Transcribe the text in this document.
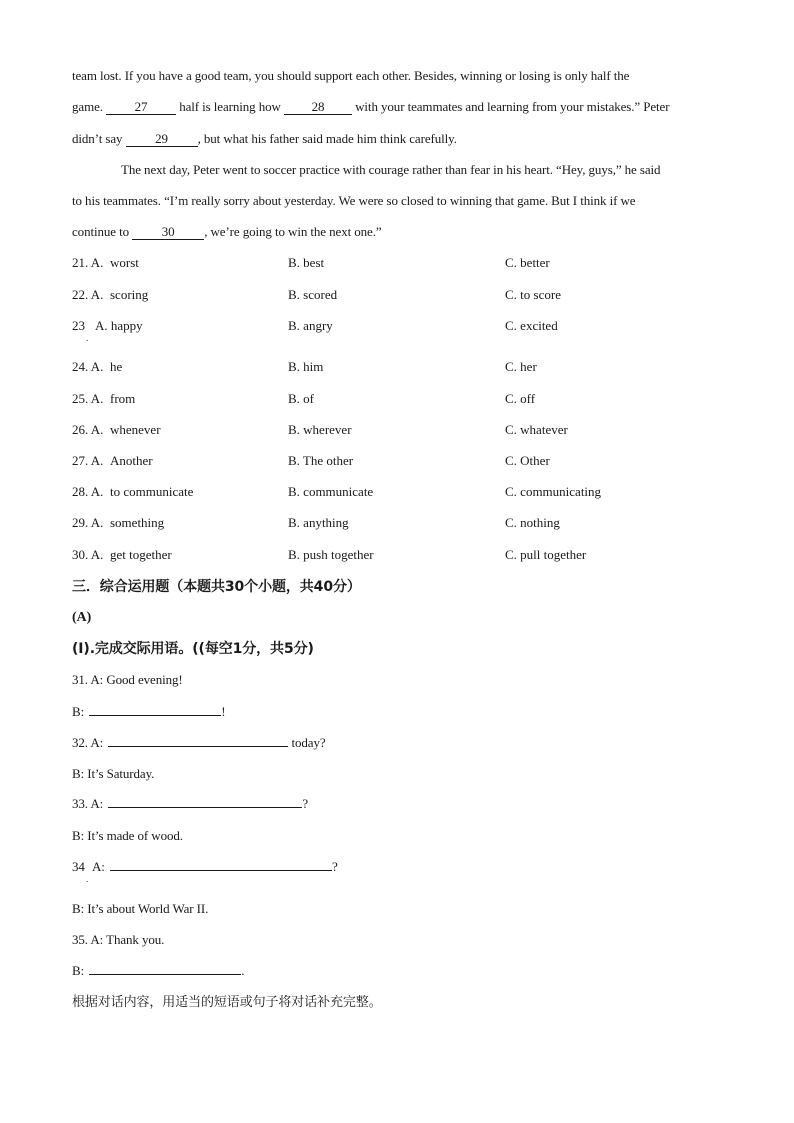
team lost. If you have a good team, you should support each other. Besides, winning or losing is only half the
game. 27 half is learning how 28 with your teammates and learning from your mistakes.” Peter
didn’t say 29 , but what his father said made him think carefully.
The next day, Peter went to soccer practice with courage rather than fear in his heart. “Hey, guys,” he said
to his teammates. “I’m really sorry about yesterday. We were so closed to winning that game. But I think if we
continue to 30 , we’re going to win the next one.”
21. A. worst	B. best	C. better
22. A. scoring	B. scored	C. to score
23
.
A. happy	B. angry	C. excited
24. A. he	B. him	C. her
25. A. from	B. of	C. off
26. A. whenever	B. wherever	C. whatever
27. A. Another	B. The other	C. Other
28. A. to communicate	B. communicate	C. communicating
29. A. something	B. anything	C. nothing
30. A. get together	B. push together	C. pull together
三．综合运用题（本题共30个小题，共40分）
(A)
(I).完成交际用语。((每空1分，共5分)
31. A: Good evening!
B:	!
32. A:	today?
B: It’s Saturday.
33. A:	?
B: It’s made of wood.
34 A:	?
.
B: It’s about World War II.
35. A: Thank you.
B:	.
根据对话内容，用适当的短语或句子将对话补充完整。
